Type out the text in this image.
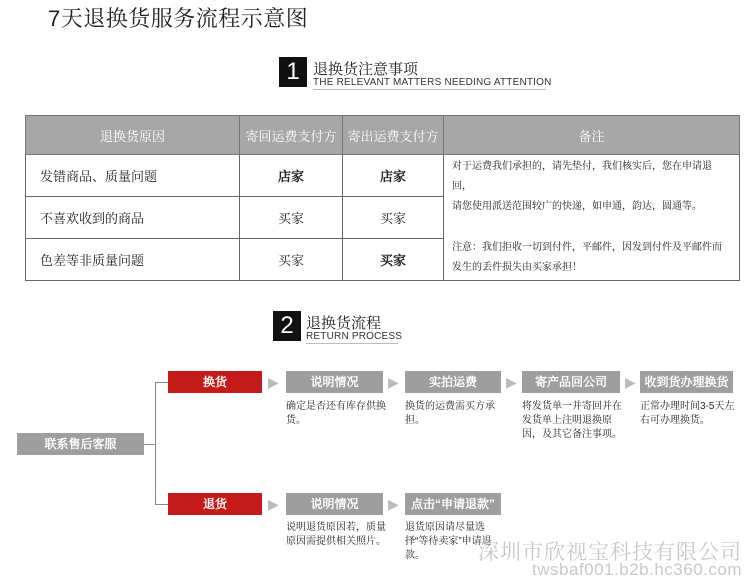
7天退换货服务流程示意图
1 退换货注意事项
THE RELEVANT MATTERS NEEDING ATTENTION
退换货原因	寄回运费支付方	寄出运费支付方	备注
发错商品、质量问题	店家	店家	对于运费我们承担的，请先垫付，我们核实后，您在申请退回，

请您使用派送范围较广的快递，如申通，韵达，圆通等。

注意：我们拒收一切到付件，平邮件，因发到付件及平邮件而

发生的丢件损失由买家承担！

不喜欢收到的商品	买家	买家	
色差等非质量问题	买家	买家	
2 退换货流程
RETURN PROCESS
联系售后客服
换货	▶	说明情况
确定是否还有库存供换货。
▶	实拍运费
换货的运费需买方承担。
▶	寄产品回公司
将发货单一并寄回并在发货单上注明退换原因，及其它备注事项。
▶ 收到货办理换货
正常办理时间3-5天左右可办理换货。
退货	▶	说明情况
说明退货原因若，质量原因需提供相关照片。
▶	点击“申请退款”
退货原因请尽量选择“等待卖家”申请退款。	深圳市欣视宝科技有限公司
twsbaf001.b2b.hc360.com
